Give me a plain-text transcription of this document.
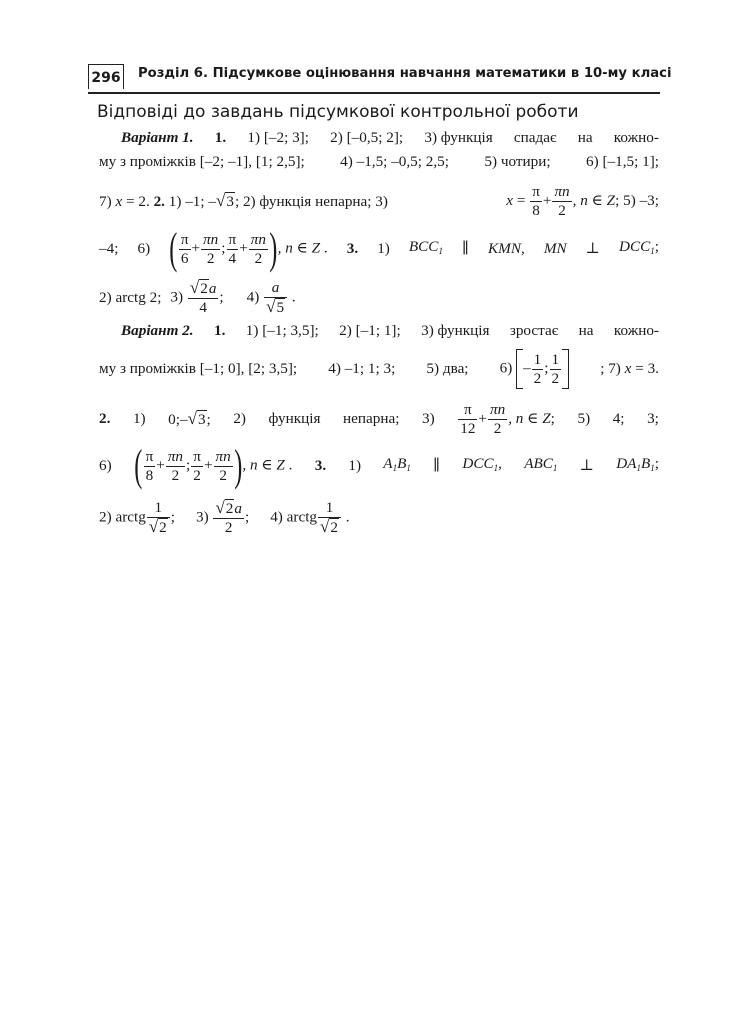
296 Розділ 6. Підсумкове оцінювання навчання математики в 10-му класі
Відповіді до завдань підсумкової контрольної роботи
Варіант 1. 1. 1) [–2; 3]; 2) [–0,5; 2]; 3) функція спадає на кожно-
му з проміжків [–2; –1], [1; 2,5]; 4) –1,5; –0,5; 2,5; 5) чотири; 6) [–1,5; 1];
7) x = 2. 2. 1) –1; –√3; 2) функція непарна; 3)	$x = \frac{\pi}{8} + \frac{\pi n}{2}$ , n ∈ Z; 5) –3;
–4; 6) ( $\frac{\pi}{6} + \frac{\pi n}{2}$ ; $\frac{\pi}{4} + \frac{\pi n}{2}$ ), n ∈ Z . 3. 1) $BCC_1$ ∥ KMN, MN ⊥ $DCC_1$;
2) arctg 2; $3) \frac{√2a}{4}$ ; $4) \frac{a}{√5}$ .
Варіант 2. 1. 1) [–1; 3,5]; 2) [–1; 1]; 3) функція зростає на кожно-
му з проміжків [–1; 0], [2; 3,5]; 4) –1; 1; 3; 5) два; $6) - \frac{1}{2}$ ; $\frac{1}{2}$	; 7) x = 3.
2. 1) 0;–√3; 2) функція непарна; $3) \frac{\pi}{12} + \frac{\pi n}{2}$ , n ∈ Z; 5) 4; 3;
6) ( $\frac{\pi}{8} + \frac{\pi n}{2}$ ; $\frac{\pi}{2} + \frac{\pi n}{2}$ ), n ∈ Z . 3. 1) $A_1B_1$ ∥ $DCC_1$, $ABC_1$ ⊥ $DA_1B_1$;
2) arctg $\frac{1}{√2}$ ; $3) \frac{√2a}{2}$ ; 4) arctg $\frac{1}{√2}$ .
